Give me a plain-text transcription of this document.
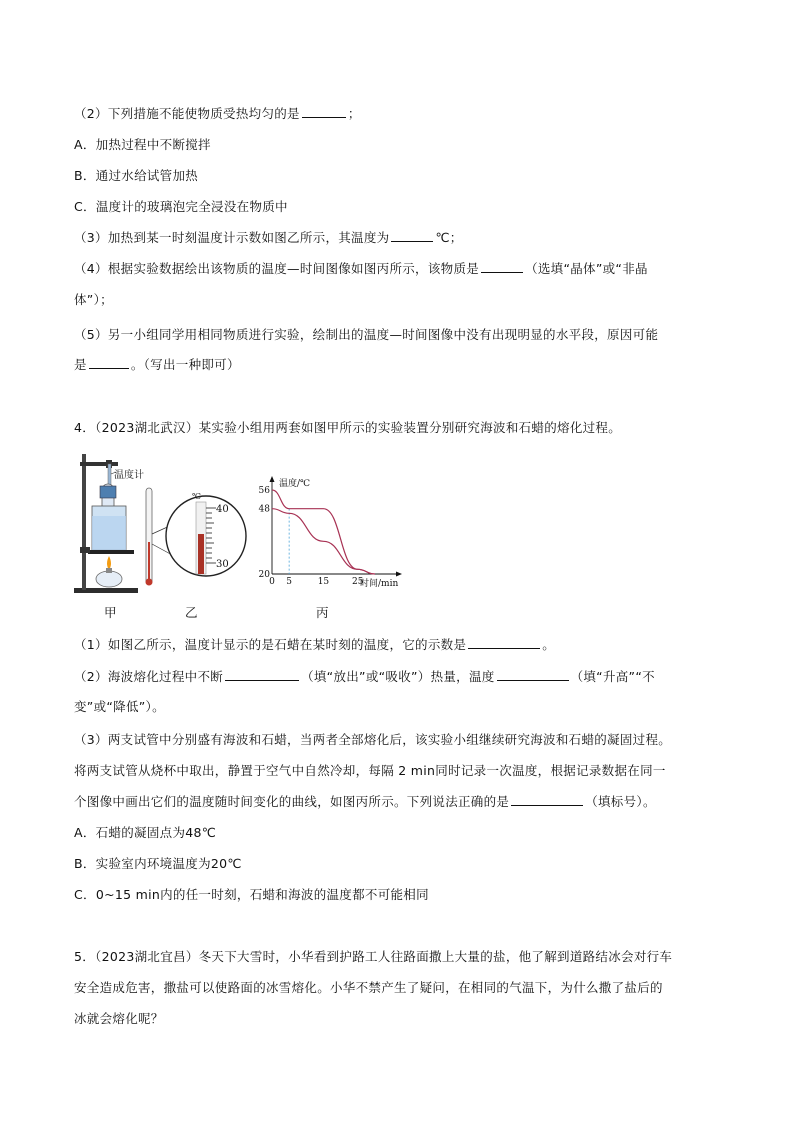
（2）下列措施不能使物质受热均匀的是	；
A．加热过程中不断搅拌
B．通过水给试管加热
C．温度计的玻璃泡完全浸没在物质中
（3）加热到某一时刻温度计示数如图乙所示，其温度为	℃；
（4）根据实验数据绘出该物质的温度—时间图像如图丙所示，该物质是	（选填“晶体”或“非晶
体”）；
（5）另一小组同学用相同物质进行实验，绘制出的温度—时间图像中没有出现明显的水平段，原因可能
是	。（写出一种即可）
4．（2023湖北武汉）某实验小组用两套如图甲所示的实验装置分别研究海波和石蜡的熔化过程。
温度计
℃
40
30
温度/℃
时间/min
20
48
56
0 5	15	25
甲	乙	丙
（1）如图乙所示，温度计显示的是石蜡在某时刻的温度，它的示数是	。
（2）海波熔化过程中不断	（填“放出”或“吸收”）热量，温度	（填“升高”“不
变”或“降低”）。
（3）两支试管中分别盛有海波和石蜡，当两者全部熔化后，该实验小组继续研究海波和石蜡的凝固过程。
将两支试管从烧杯中取出，静置于空气中自然冷却，每隔 2 min同时记录一次温度，根据记录数据在同一
个图像中画出它们的温度随时间变化的曲线，如图丙所示。下列说法正确的是	（填标号）。
A．石蜡的凝固点为48℃
B．实验室内环境温度为20℃
C．0~15 min内的任一时刻，石蜡和海波的温度都不可能相同
5．（2023湖北宜昌）冬天下大雪时，小华看到护路工人往路面撒上大量的盐，他了解到道路结冰会对行车
安全造成危害，撒盐可以使路面的冰雪熔化。小华不禁产生了疑问，在相同的气温下，为什么撒了盐后的
冰就会熔化呢？
